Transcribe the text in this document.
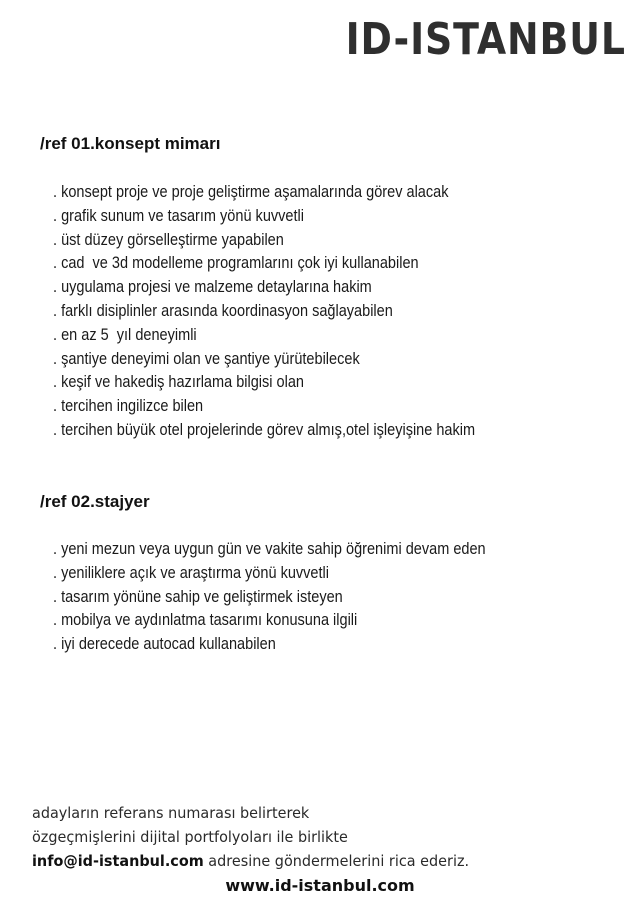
ID-ISTANBUL
/ref 01.konsept mimarı
. konsept proje ve proje geliştirme aşamalarında görev alacak
. grafik sunum ve tasarım yönü kuvvetli
. üst düzey görselleştirme yapabilen
. cad  ve 3d modelleme programlarını çok iyi kullanabilen
. uygulama projesi ve malzeme detaylarına hakim
. farklı disiplinler arasında koordinasyon sağlayabilen
. en az 5  yıl deneyimli
. şantiye deneyimi olan ve şantiye yürütebilecek
. keşif ve hakediş hazırlama bilgisi olan
. tercihen ingilizce bilen
. tercihen büyük otel projelerinde görev almış,otel işleyişine hakim
/ref 02.stajyer
. yeni mezun veya uygun gün ve vakite sahip öğrenimi devam eden
. yeniliklere açık ve araştırma yönü kuvvetli
. tasarım yönüne sahip ve geliştirmek isteyen
. mobilya ve aydınlatma tasarımı konusuna ilgili
. iyi derecede autocad kullanabilen
adayların referans numarası belirterek
özgeçmişlerini dijital portfolyoları ile birlikte
info@id-istanbul.com adresine göndermelerini rica ederiz.
www.id-istanbul.com
